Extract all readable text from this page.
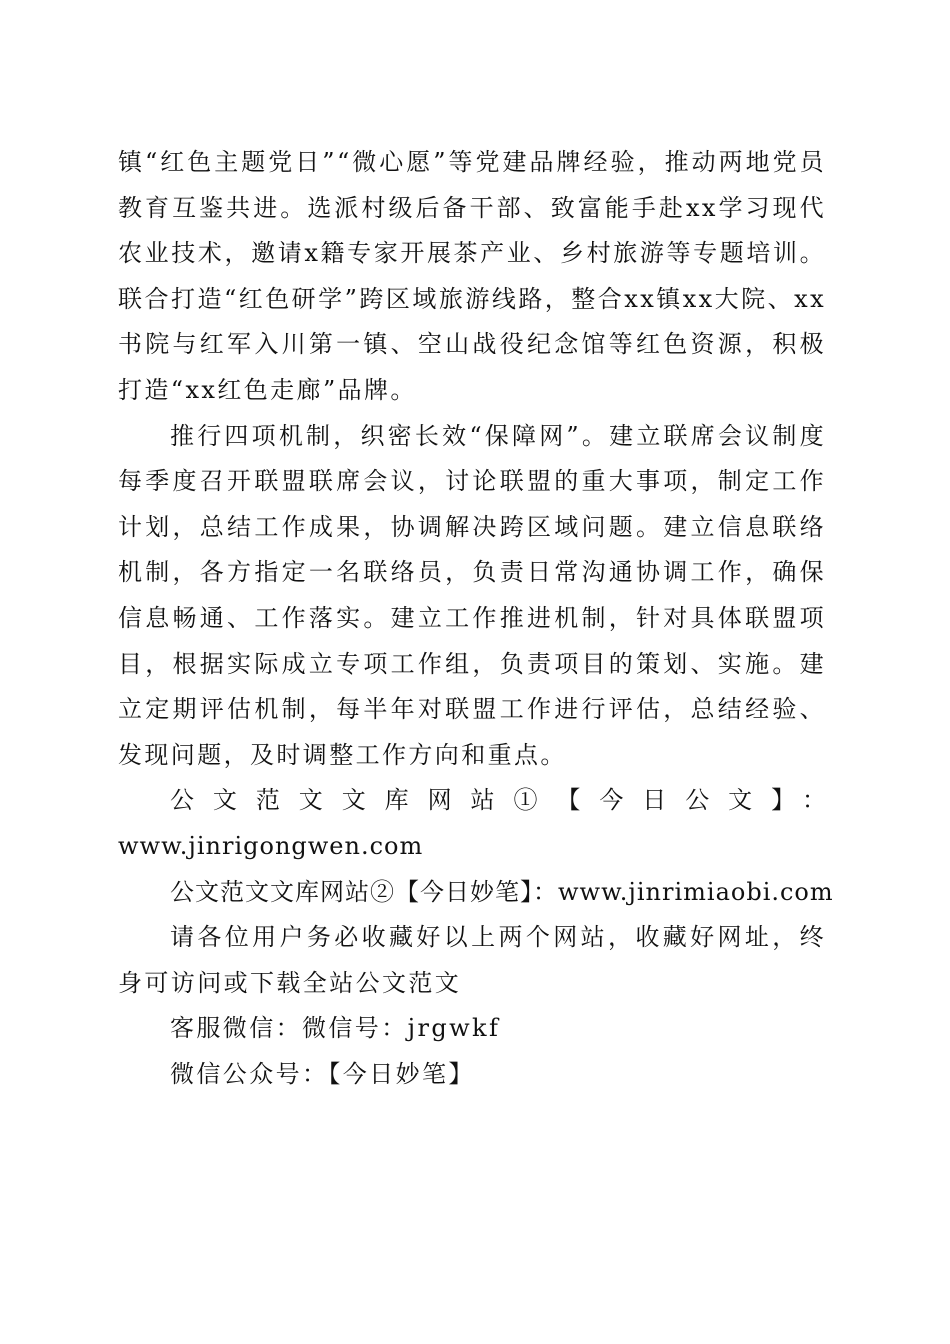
镇“红色主题党日”“微心愿”等党建品牌经验，推动两地党员教育互鉴共进。选派村级后备干部、致富能手赴xx学习现代农业技术，邀请x籍专家开展茶产业、乡村旅游等专题培训。联合打造“红色研学”跨区域旅游线路，整合xx镇xx大院、xx书院与红军入川第一镇、空山战役纪念馆等红色资源，积极打造“xx红色走廊”品牌。

推行四项机制，织密长效“保障网”。建立联席会议制度每季度召开联盟联席会议，讨论联盟的重大事项，制定工作计划，总结工作成果，协调解决跨区域问题。建立信息联络机制，各方指定一名联络员，负责日常沟通协调工作，确保信息畅通、工作落实。建立工作推进机制，针对具体联盟项目，根据实际成立专项工作组，负责项目的策划、实施。建立定期评估机制，每半年对联盟工作进行评估，总结经验、发现问题，及时调整工作方向和重点。

公文范文文库网站①【今日公文】：

www.jinrigongwen.com

公文范文文库网站②【今日妙笔】：www.jinrimiaobi.com

请各位用户务必收藏好以上两个网站，收藏好网址，终身可访问或下载全站公文范文

客服微信：微信号：jrgwkf

微信公众号：【今日妙笔】
